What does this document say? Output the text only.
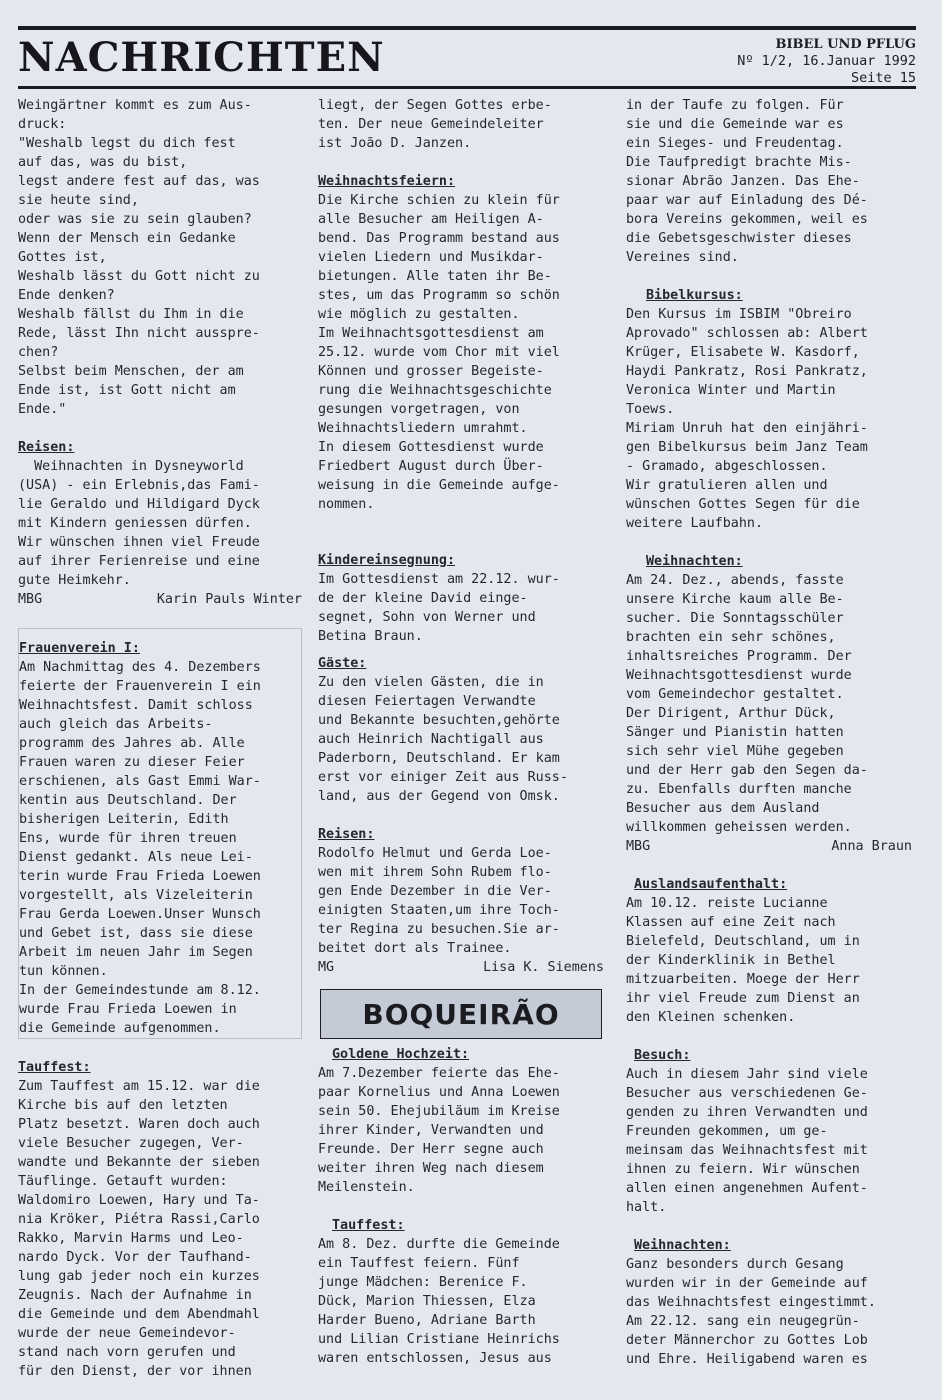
NACHRICHTEN	BIBEL UND PFLUG
Nº 1/2, 16.Januar 1992
Seite 15

Weingärtner kommt es zum Aus-

druck:

"Weshalb legst du dich fest

auf das, was du bist,

legst andere fest auf das, was

sie heute sind,

oder was sie zu sein glauben?

Wenn der Mensch ein Gedanke

Gottes ist,

Weshalb lässt du Gott nicht zu

Ende denken?

Weshalb fällst du Ihm in die

Rede, lässt Ihn nicht ausspre-

chen?

Selbst beim Menschen, der am

Ende ist, ist Gott nicht am

Ende."

Reisen:

Weihnachten in Dysneyworld

(USA) - ein Erlebnis,das Fami-

lie Geraldo und Hildigard Dyck

mit Kindern geniessen dürfen.

Wir wünschen ihnen viel Freude

auf ihrer Ferienreise und eine

gute Heimkehr.

MBG	Karin Pauls Winter

Frauenverein I:

Am Nachmittag des 4. Dezembers

feierte der Frauenverein I ein

Weihnachtsfest. Damit schloss

auch gleich das Arbeits-

programm des Jahres ab. Alle

Frauen waren zu dieser Feier

erschienen, als Gast Emmi War-

kentin aus Deutschland. Der

bisherigen Leiterin, Edith

Ens, wurde für ihren treuen

Dienst gedankt. Als neue Lei-

terin wurde Frau Frieda Loewen

vorgestellt, als Vizeleiterin

Frau Gerda Loewen.Unser Wunsch

und Gebet ist, dass sie diese

Arbeit im neuen Jahr im Segen

tun können.

In der Gemeindestunde am 8.12.

wurde Frau Frieda Loewen in

die Gemeinde aufgenommen.

Tauffest:

Zum Tauffest am 15.12. war die

Kirche bis auf den letzten

Platz besetzt. Waren doch auch

viele Besucher zugegen, Ver-

wandte und Bekannte der sieben

Täuflinge. Getauft wurden:

Waldomiro Loewen, Hary und Ta-

nia Kröker, Piétra Rassi,Carlo

Rakko, Marvin Harms und Leo-

nardo Dyck. Vor der Taufhand-

lung gab jeder noch ein kurzes

Zeugnis. Nach der Aufnahme in

die Gemeinde und dem Abendmahl

wurde der neue Gemeindevor-

stand nach vorn gerufen und

für den Dienst, der vor ihnen

liegt, der Segen Gottes erbe-

ten. Der neue Gemeindeleiter

ist João D. Janzen.

Weihnachtsfeiern:

Die Kirche schien zu klein für

alle Besucher am Heiligen A-

bend. Das Programm bestand aus

vielen Liedern und Musikdar-

bietungen. Alle taten ihr Be-

stes, um das Programm so schön

wie möglich zu gestalten.

Im Weihnachtsgottesdienst am

25.12. wurde vom Chor mit viel

Können und grosser Begeiste-

rung die Weihnachtsgeschichte

gesungen vorgetragen, von

Weihnachtsliedern umrahmt.

In diesem Gottesdienst wurde

Friedbert August durch Über-

weisung in die Gemeinde aufge-

nommen.

Kindereinsegnung:

Im Gottesdienst am 22.12. wur-

de der kleine David einge-

segnet, Sohn von Werner und

Betina Braun.

Gäste:

Zu den vielen Gästen, die in

diesen Feiertagen Verwandte

und Bekannte besuchten,gehörte

auch Heinrich Nachtigall aus

Paderborn, Deutschland. Er kam

erst vor einiger Zeit aus Russ-

land, aus der Gegend von Omsk.

Reisen:

Rodolfo Helmut und Gerda Loe-

wen mit ihrem Sohn Rubem flo-

gen Ende Dezember in die Ver-

einigten Staaten,um ihre Toch-

ter Regina zu besuchen.Sie ar-

beitet dort als Trainee.

MG	Lisa K. Siemens

BOQUEIRÃO

Goldene Hochzeit:

Am 7.Dezember feierte das Ehe-

paar Kornelius und Anna Loewen

sein 50. Ehejubiläum im Kreise

ihrer Kinder, Verwandten und

Freunde. Der Herr segne auch

weiter ihren Weg nach diesem

Meilenstein.

Tauffest:

Am 8. Dez. durfte die Gemeinde

ein Tauffest feiern. Fünf

junge Mädchen: Berenice F.

Dück, Marion Thiessen, Elza

Harder Bueno, Adriane Barth

und Lilian Cristiane Heinrichs

waren entschlossen, Jesus aus

in der Taufe zu folgen. Für

sie und die Gemeinde war es

ein Sieges- und Freudentag.

Die Taufpredigt brachte Mis-

sionar Abrão Janzen. Das Ehe-

paar war auf Einladung des Dé-

bora Vereins gekommen, weil es

die Gebetsgeschwister dieses

Vereines sind.

Bibelkursus:

Den Kursus im ISBIM "Obreiro

Aprovado" schlossen ab: Albert

Krüger, Elisabete W. Kasdorf,

Haydi Pankratz, Rosi Pankratz,

Veronica Winter und Martin

Toews.

Miriam Unruh hat den einjähri-

gen Bibelkursus beim Janz Team

- Gramado, abgeschlossen.

Wir gratulieren allen und

wünschen Gottes Segen für die

weitere Laufbahn.

Weihnachten:

Am 24. Dez., abends, fasste

unsere Kirche kaum alle Be-

sucher. Die Sonntagsschüler

brachten ein sehr schönes,

inhaltsreiches Programm. Der

Weihnachtsgottesdienst wurde

vom Gemeindechor gestaltet.

Der Dirigent, Arthur Dück,

Sänger und Pianistin hatten

sich sehr viel Mühe gegeben

und der Herr gab den Segen da-

zu. Ebenfalls durften manche

Besucher aus dem Ausland

willkommen geheissen werden.

MBG	Anna Braun

Auslandsaufenthalt:

Am 10.12. reiste Lucianne

Klassen auf eine Zeit nach

Bielefeld, Deutschland, um in

der Kinderklinik in Bethel

mitzuarbeiten. Moege der Herr

ihr viel Freude zum Dienst an

den Kleinen schenken.

Besuch:

Auch in diesem Jahr sind viele

Besucher aus verschiedenen Ge-

genden zu ihren Verwandten und

Freunden gekommen, um ge-

meinsam das Weihnachtsfest mit

ihnen zu feiern. Wir wünschen

allen einen angenehmen Aufent-

halt.

Weihnachten:

Ganz besonders durch Gesang

wurden wir in der Gemeinde auf

das Weihnachtsfest eingestimmt.

Am 22.12. sang ein neugegrün-

deter Männerchor zu Gottes Lob

und Ehre. Heiligabend waren es
